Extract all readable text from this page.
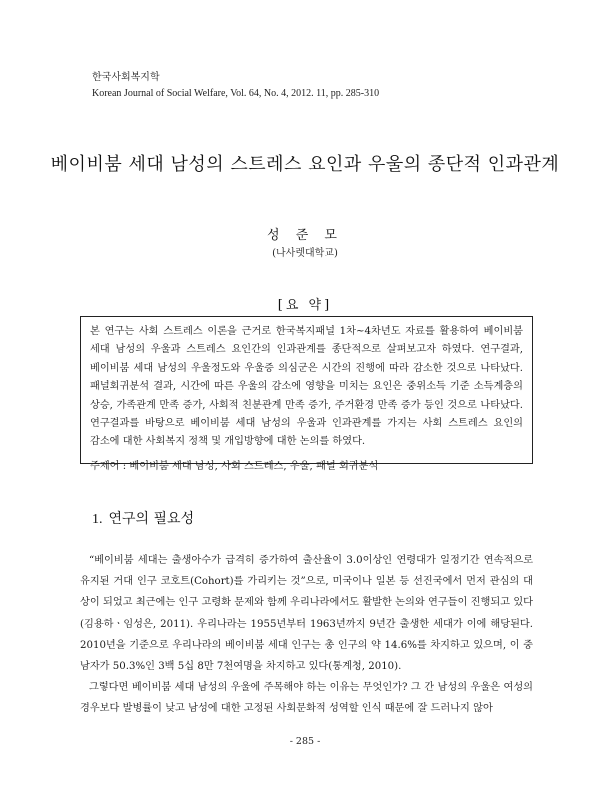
한국사회복지학
Korean Journal of Social Welfare, Vol. 64, No. 4, 2012. 11, pp. 285-310
베이비붐 세대 남성의 스트레스 요인과 우울의 종단적 인과관계
성 준 모
(나사렛대학교)
[요 약]

본 연구는 사회 스트레스 이론을 근거로 한국복지패널 1차~4차년도 자료를 활용하여 베이비붐 세대 남성의 우울과 스트레스 요인간의 인과관계를 종단적으로 살펴보고자 하였다. 연구결과, 베이비붐 세대 남성의 우울정도와 우울증 의심군은 시간의 진행에 따라 감소한 것으로 나타났다. 패널회귀분석 결과, 시간에 따른 우울의 감소에 영향을 미치는 요인은 중위소득 기준 소득계층의 상승, 가족관계 만족 증가, 사회적 친분관계 만족 증가, 주거환경 만족 증가 등인 것으로 나타났다. 연구결과를 바탕으로 베이비붐 세대 남성의 우울과 인과관계를 가지는 사회 스트레스 요인의 감소에 대한 사회복지 정책 및 개입방향에 대한 논의를 하였다.

주제어 : 베이비붐 세대 남성, 사회 스트레스, 우울, 패널 회귀분석
1. 연구의 필요성

“베이비붐 세대는 출생아수가 급격히 증가하여 출산율이 3.0이상인 연령대가 일정기간 연속적으로 유지된 거대 인구 코호트(Cohort)를 가리키는 것”으로, 미국이나 일본 등 선진국에서 먼저 관심의 대상이 되었고 최근에는 인구 고령화 문제와 함께 우리나라에서도 활발한 논의와 연구들이 진행되고 있다(김용하ㆍ임성은, 2011). 우리나라는 1955년부터 1963년까지 9년간 출생한 세대가 이에 해당된다. 2010년을 기준으로 우리나라의 베이비붐 세대 인구는 총 인구의 약 14.6%를 차지하고 있으며, 이 중 남자가 50.3%인 3백 5십 8만 7천여명을 차지하고 있다(통계청, 2010).

그렇다면 베이비붐 세대 남성의 우울에 주목해야 하는 이유는 무엇인가? 그 간 남성의 우울은 여성의 경우보다 발병률이 낮고 남성에 대한 고정된 사회문화적 성역할 인식 때문에 잘 드러나지 않아

- 285 -
